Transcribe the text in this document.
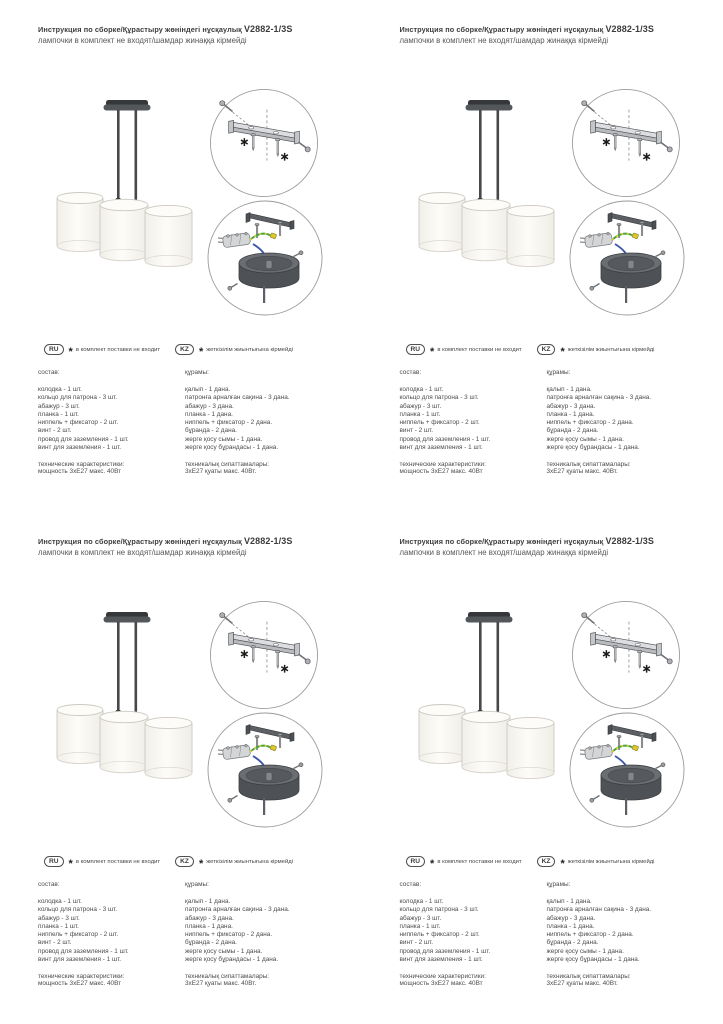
Инструкция по сборке/Құрастыру жөніндегі нұсқаулық V2882-1/3S
лампочки в комплект не входят/шамдар жинаққа кірмейді
RU * в комплект поставки не входит	KZ * жеткізілім жиынтығына кірмейді
состав:
колодка - 1 шт.
кольцо для патрона - 3 шт.
абажур - 3 шт.
планка - 1 шт.
ниппель + фиксатор - 2 шт.
винт - 2 шт.
провод для заземления - 1 шт.
винт для заземления - 1 шт.
технические характеристики:
мощность 3xE27 макс. 40Вт
құрамы:
қалып - 1 дана.
патронға арналған сақина - 3 дана.
абажур - 3 дана.
планка - 1 дана.
ниппель + фиксатор - 2 дана.
бұранда - 2 дана.
жерге қосу сымы - 1 дана.
жерге қосу бұрандасы - 1 дана.
техникалық сипаттамалары:
3xE27 қуаты макс. 40Вт.
Инструкция по сборке/Құрастыру жөніндегі нұсқаулық V2882-1/3S
лампочки в комплект не входят/шамдар жинаққа кірмейді
RU * в комплект поставки не входит	KZ * жеткізілім жиынтығына кірмейді
состав:
колодка - 1 шт.
кольцо для патрона - 3 шт.
абажур - 3 шт.
планка - 1 шт.
ниппель + фиксатор - 2 шт.
винт - 2 шт.
провод для заземления - 1 шт.
винт для заземления - 1 шт.
технические характеристики:
мощность 3xE27 макс. 40Вт
құрамы:
қалып - 1 дана.
патронға арналған сақина - 3 дана.
абажур - 3 дана.
планка - 1 дана.
ниппель + фиксатор - 2 дана.
бұранда - 2 дана.
жерге қосу сымы - 1 дана.
жерге қосу бұрандасы - 1 дана.
техникалық сипаттамалары:
3xE27 қуаты макс. 40Вт.
Инструкция по сборке/Құрастыру жөніндегі нұсқаулық V2882-1/3S
лампочки в комплект не входят/шамдар жинаққа кірмейді
RU * в комплект поставки не входит	KZ * жеткізілім жиынтығына кірмейді
состав:
колодка - 1 шт.
кольцо для патрона - 3 шт.
абажур - 3 шт.
планка - 1 шт.
ниппель + фиксатор - 2 шт.
винт - 2 шт.
провод для заземления - 1 шт.
винт для заземления - 1 шт.
технические характеристики:
мощность 3xE27 макс. 40Вт
құрамы:
қалып - 1 дана.
патронға арналған сақина - 3 дана.
абажур - 3 дана.
планка - 1 дана.
ниппель + фиксатор - 2 дана.
бұранда - 2 дана.
жерге қосу сымы - 1 дана.
жерге қосу бұрандасы - 1 дана.
техникалық сипаттамалары:
3xE27 қуаты макс. 40Вт.
Инструкция по сборке/Құрастыру жөніндегі нұсқаулық V2882-1/3S
лампочки в комплект не входят/шамдар жинаққа кірмейді
RU * в комплект поставки не входит	KZ * жеткізілім жиынтығына кірмейді
состав:
колодка - 1 шт.
кольцо для патрона - 3 шт.
абажур - 3 шт.
планка - 1 шт.
ниппель + фиксатор - 2 шт.
винт - 2 шт.
провод для заземления - 1 шт.
винт для заземления - 1 шт.
технические характеристики:
мощность 3xE27 макс. 40Вт
құрамы:
қалып - 1 дана.
патронға арналған сақина - 3 дана.
абажур - 3 дана.
планка - 1 дана.
ниппель + фиксатор - 2 дана.
бұранда - 2 дана.
жерге қосу сымы - 1 дана.
жерге қосу бұрандасы - 1 дана.
техникалық сипаттамалары:
3xE27 қуаты макс. 40Вт.
